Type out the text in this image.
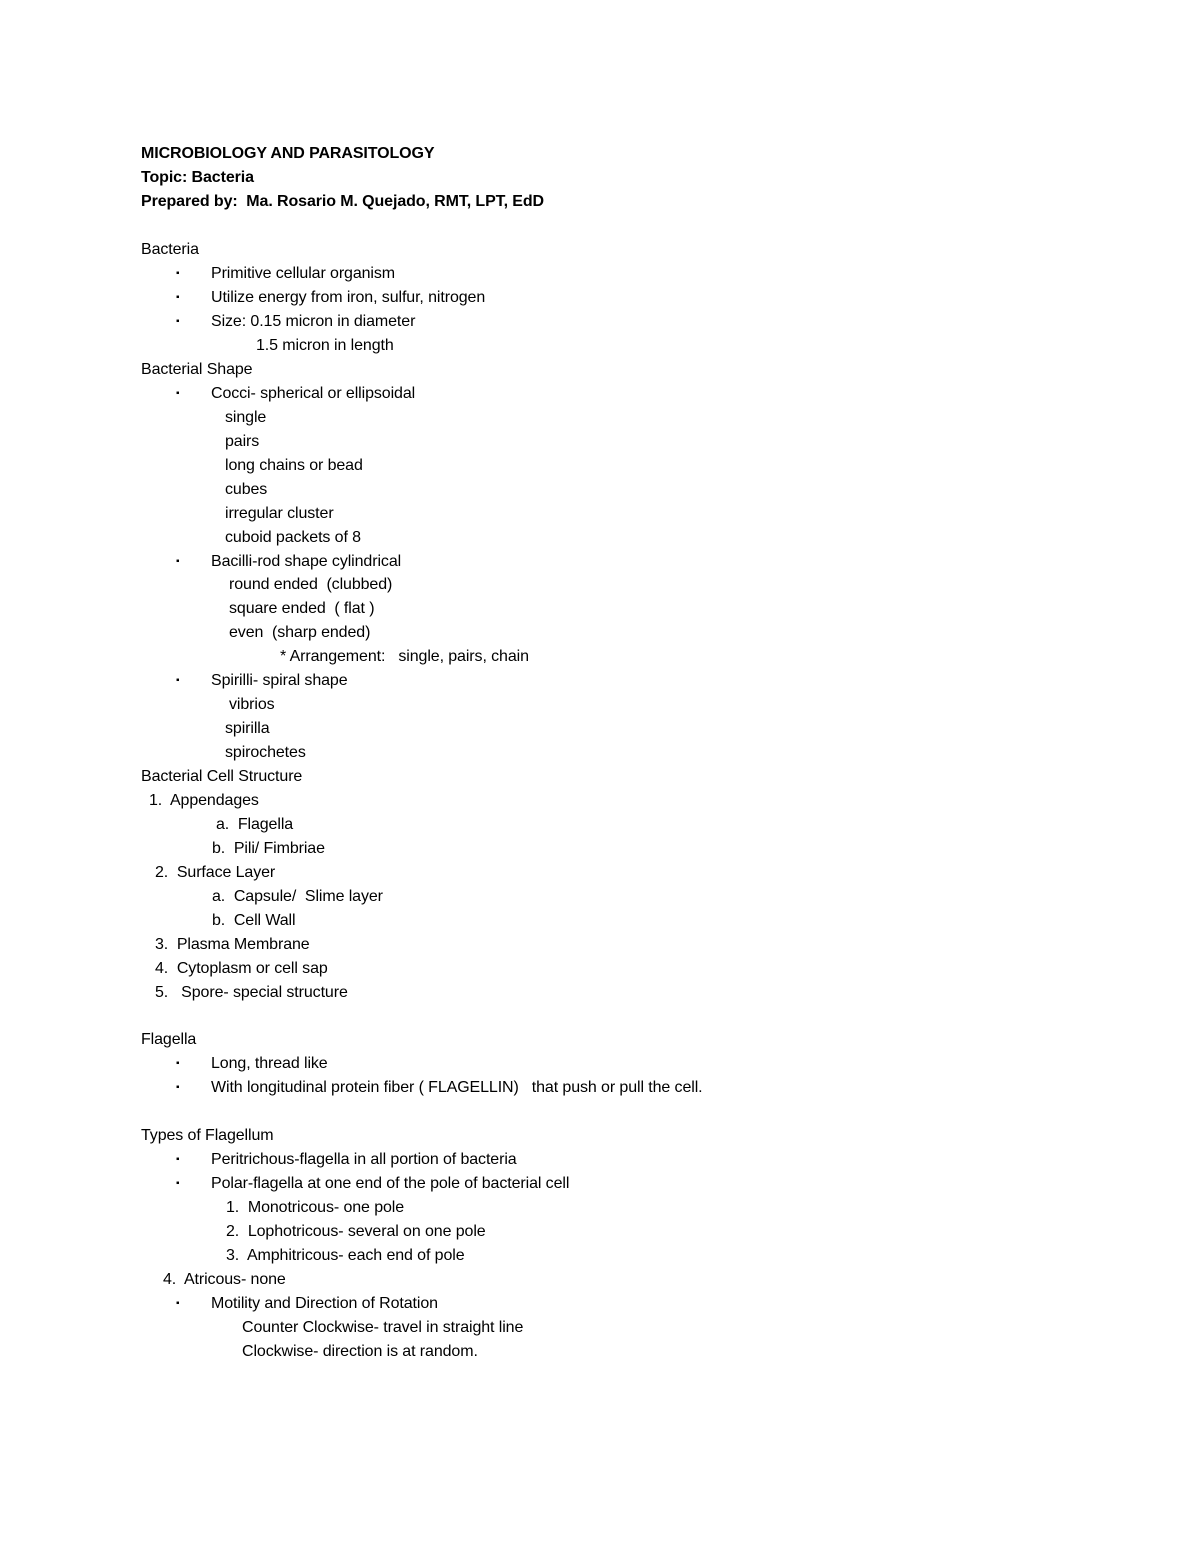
MICROBIOLOGY AND PARASITOLOGY
Topic: Bacteria
Prepared by:  Ma. Rosario M. Quejado, RMT, LPT, EdD
Bacteria
▪ Primitive cellular organism
▪ Utilize energy from iron, sulfur, nitrogen
▪ Size: 0.15 micron in diameter
1.5 micron in length
Bacterial Shape
▪ Cocci- spherical or ellipsoidal
single
pairs
long chains or bead
cubes
irregular cluster
cuboid packets of 8
▪ Bacilli-rod shape cylindrical
round ended  (clubbed)
square ended  ( flat )
even  (sharp ended)
* Arrangement:   single, pairs, chain
▪ Spirilli- spiral shape
vibrios
spirilla
spirochetes
Bacterial Cell Structure
1.  Appendages
a.  Flagella
b.  Pili/ Fimbriae
2.  Surface Layer
a.  Capsule/  Slime layer
b.  Cell Wall
3.  Plasma Membrane
4.  Cytoplasm or cell sap
5.   Spore- special structure
Flagella
▪ Long, thread like
▪ With longitudinal protein fiber ( FLAGELLIN)   that push or pull the cell.
Types of Flagellum
▪ Peritrichous-flagella in all portion of bacteria
▪ Polar-flagella at one end of the pole of bacterial cell
1.  Monotricous- one pole
2.  Lophotricous- several on one pole
3.  Amphitricous- each end of pole
4.  Atricous- none
▪ Motility and Direction of Rotation
Counter Clockwise- travel in straight line
Clockwise- direction is at random.
